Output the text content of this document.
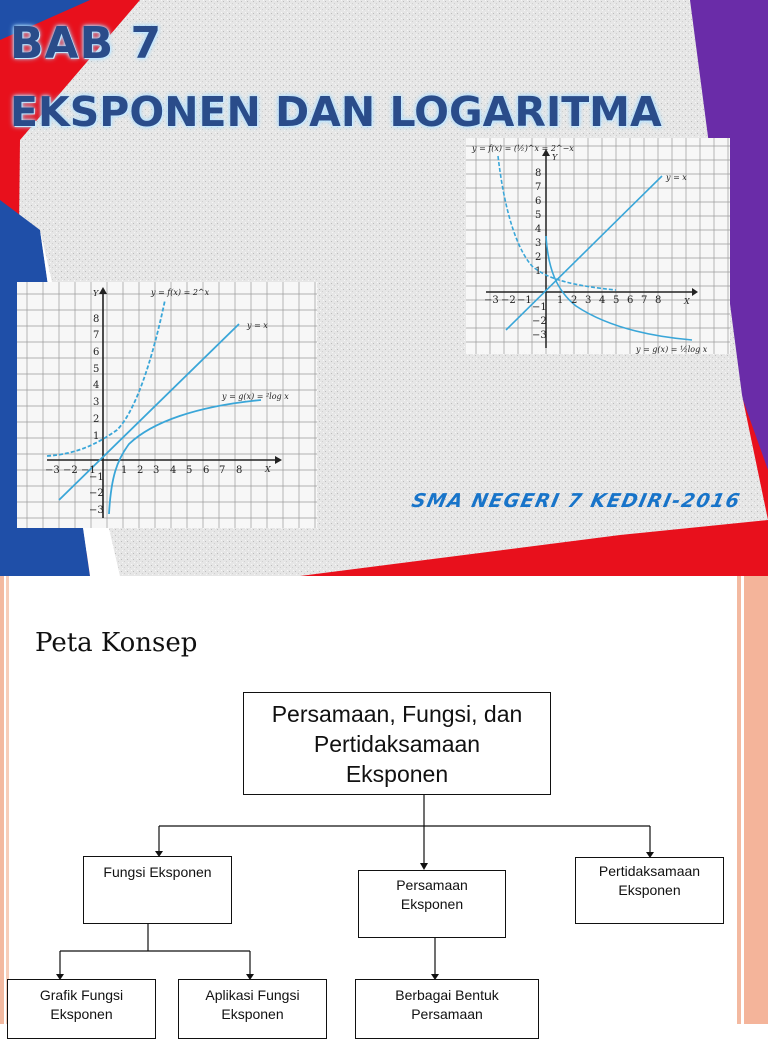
BAB 7
EKSPONEN DAN LOGARITMA
Y
X
y = f(x) = 2^x
y = x
y = g(x) = ²log x
−3 −2 −1	1 2 3 4 5 6 7 8
8
7
6
5
4
3
2
1
−1
−2
−3
Y
X
y = f(x) = (½)^x = 2^−x
y = x
y = g(x) = ½log x
−3 −2 −1	1 2 3 4 5 6 7 8
8
7
6
5
4
3
2
1
−1
−2
−3
SMA NEGERI 7 KEDIRI-2016
Peta Konsep
Persamaan, Fungsi, dan
Pertidaksamaan
Eksponen
Fungsi Eksponen
Persamaan
Eksponen
Pertidaksamaan
Eksponen
Grafik Fungsi
Eksponen
Aplikasi Fungsi
Eksponen
Berbagai Bentuk
Persamaan
